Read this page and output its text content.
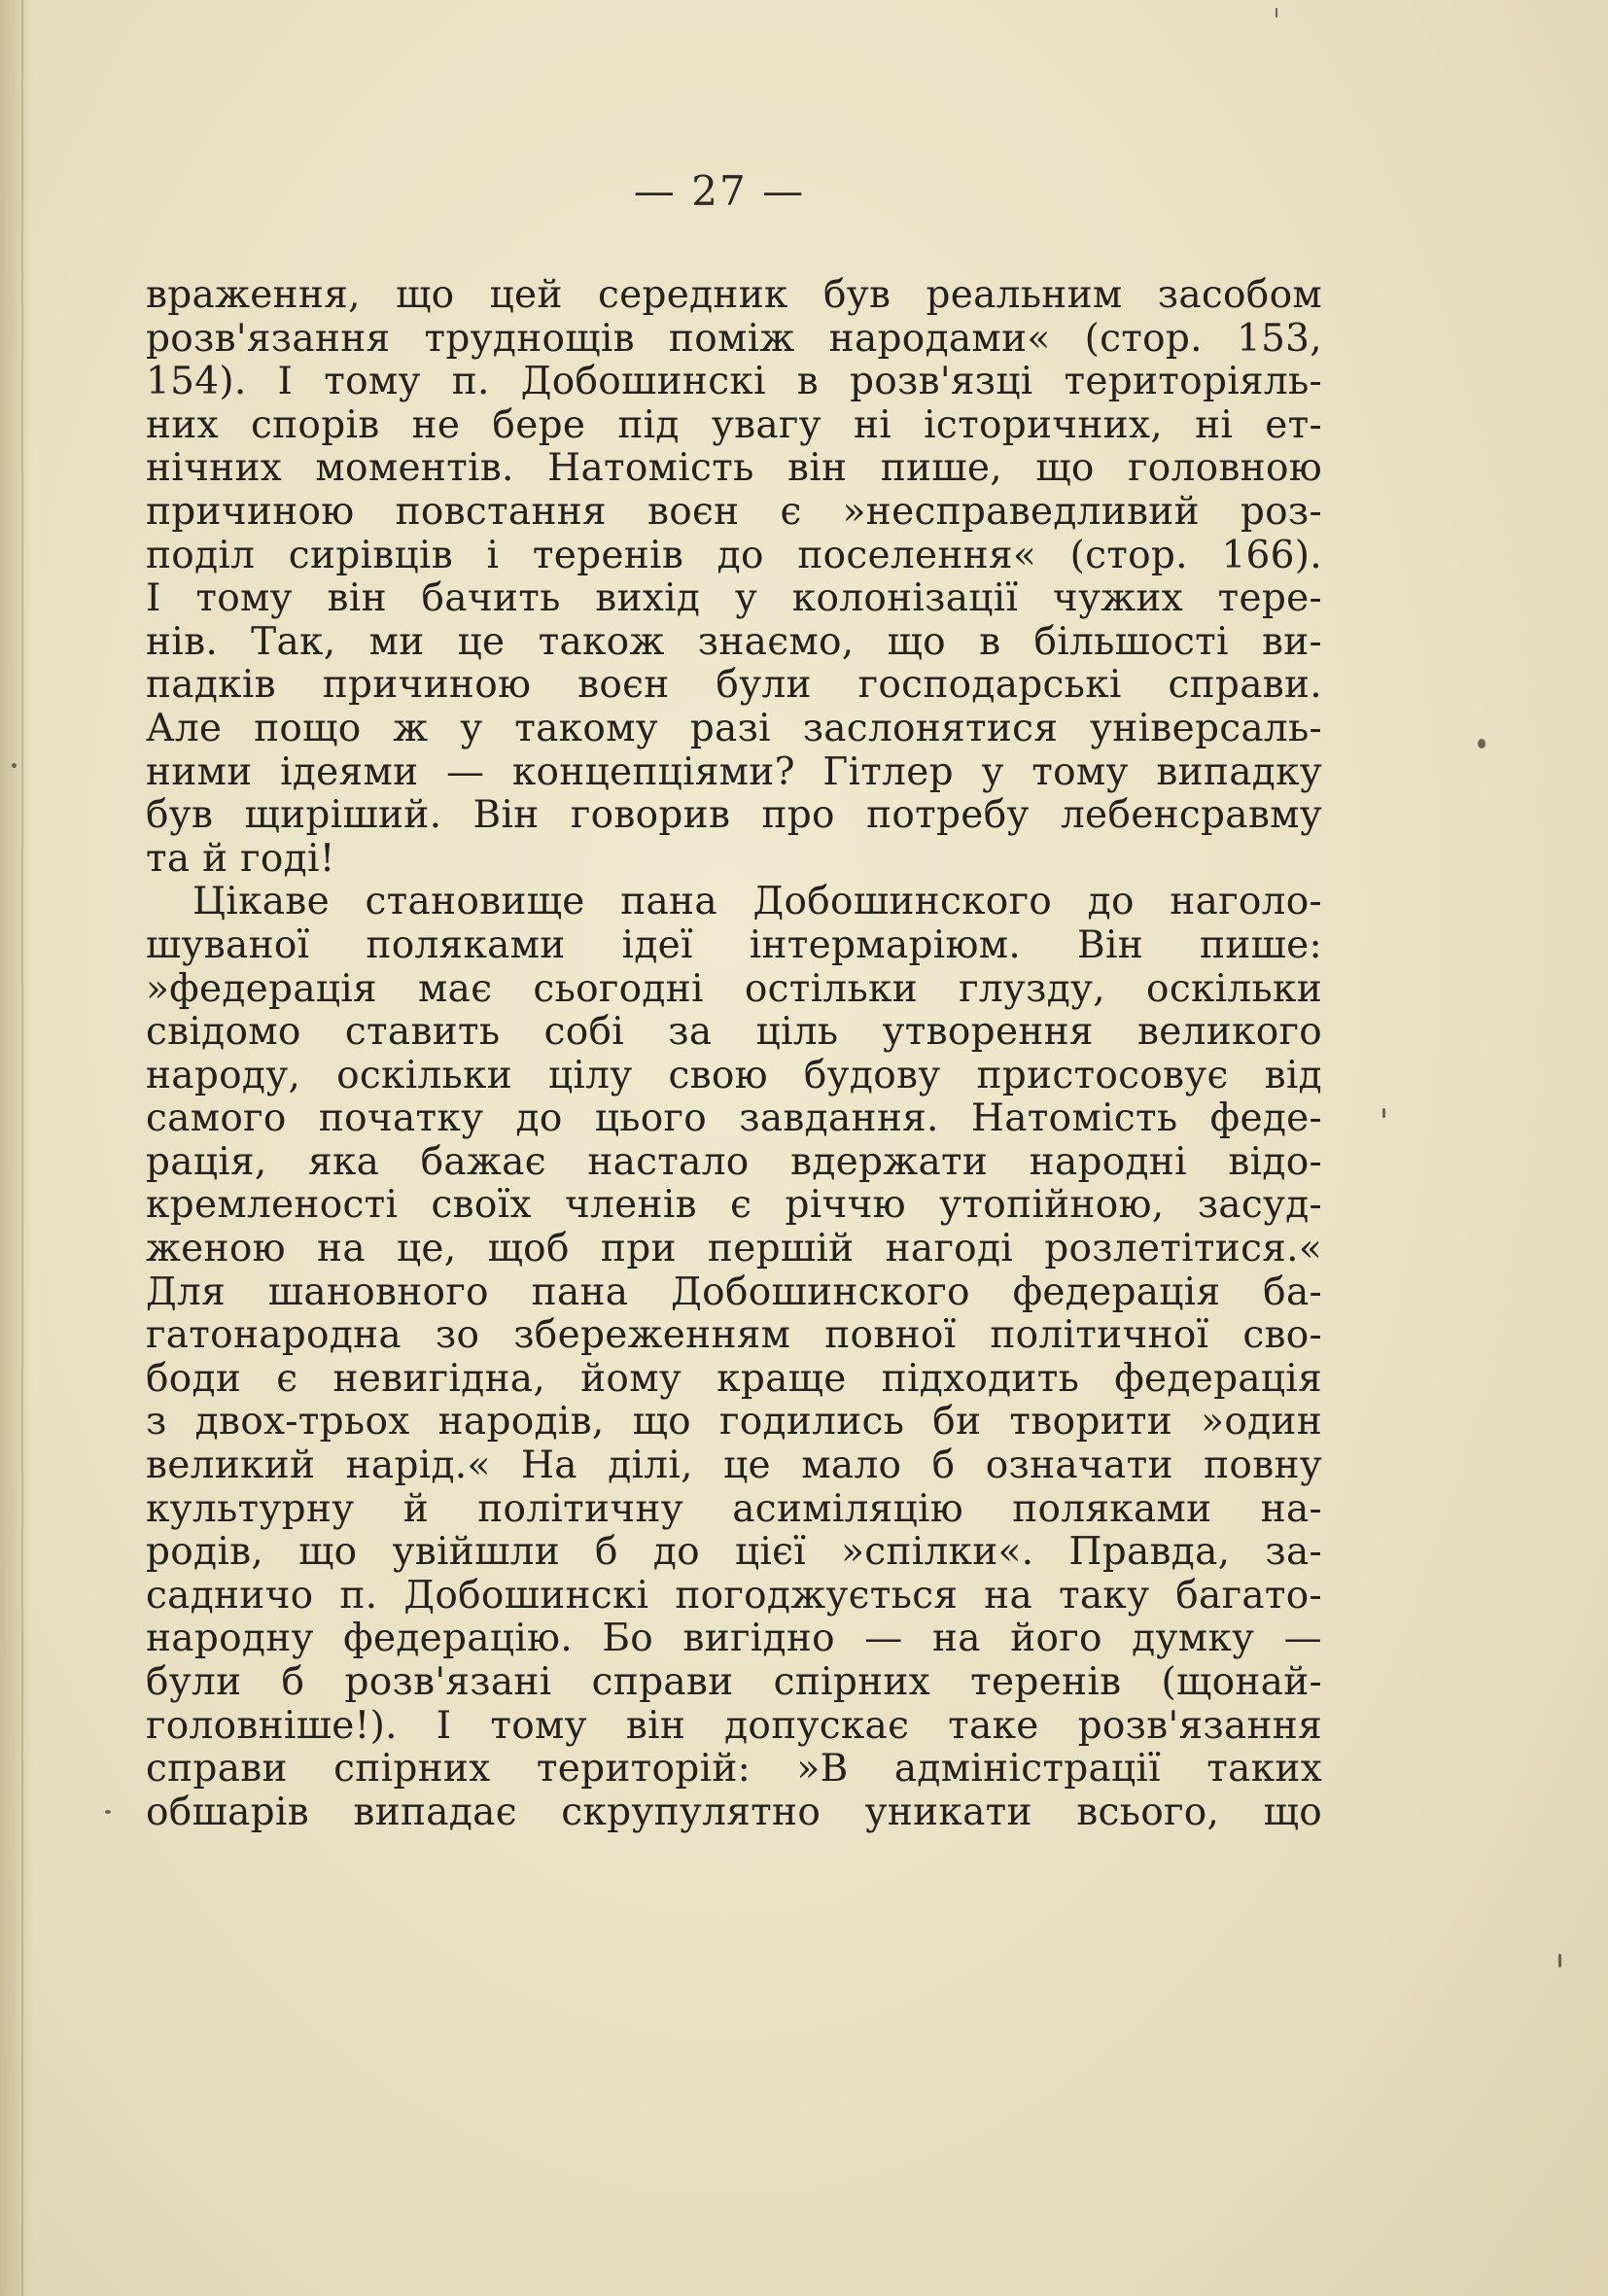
— 27 —
враження, що цей середник був реальним засобом
розв'язання труднощів поміж народами« (стор. 153,
154). І тому п. Добошинскі в розв'язці територіяль-
них спорів не бере під увагу ні історичних, ні ет-
нічних моментів. Натомість він пише, що головною
причиною повстання воєн є »несправедливий роз-
поділ сирівців і теренів до поселення« (стор. 166).
І тому він бачить вихід у колонізації чужих тере-
нів. Так, ми це також знаємо, що в більшості ви-
падків причиною воєн були господарські справи.
Але пощо ж у такому разі заслонятися універсаль-
ними ідеями — концепціями? Гітлер у тому випадку
був щиріший. Він говорив про потребу лебенсравму
та й годі!
Цікаве становище пана Добошинского до наголо-
шуваної поляками ідеї інтермаріюм. Він пише:
»федерація має сьогодні остільки глузду, оскільки
свідомо ставить собі за ціль утворення великого
народу, оскільки цілу свою будову пристосовує від
самого початку до цього завдання. Натомість феде-
рація, яка бажає настало вдержати народні відо-
кремленості своїх членів є річчю утопійною, засуд-
женою на це, щоб при першій нагоді розлетітися.«
Для шановного пана Добошинского федерація ба-
гатонародна зо збереженням повної політичної сво-
боди є невигідна, йому краще підходить федерація
з двох-трьох народів, що годились би творити »один
великий нарід.« На ділі, це мало б означати повну
культурну й політичну асиміляцію поляками на-
родів, що увійшли б до цієї »спілки«. Правда, за-
садничо п. Добошинскі погоджується на таку багато-
народну федерацію. Бо вигідно — на його думку —
були б розв'язані справи спірних теренів (щонай-
головніше!). І тому він допускає таке розв'язання
справи спірних територій: »В адміністрації таких
обшарів випадає скрупулятно уникати всього, що
